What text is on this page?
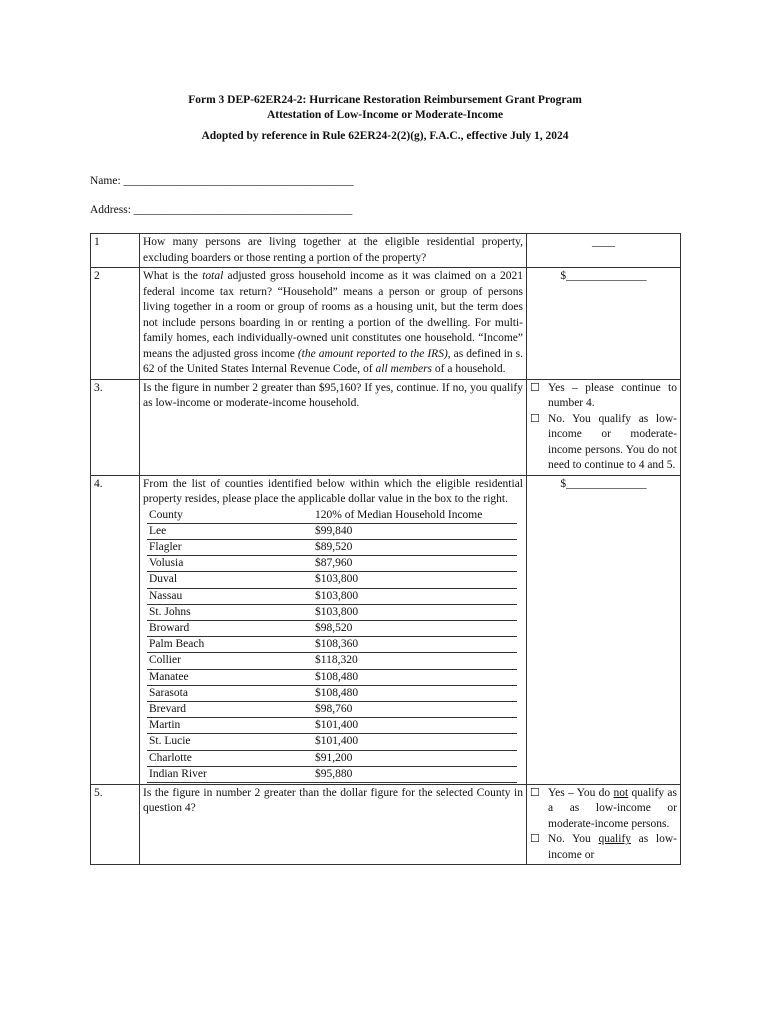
Form 3 DEP-62ER24-2: Hurricane Restoration Reimbursement Grant Program
Attestation of Low-Income or Moderate-Income
Adopted by reference in Rule 62ER24-2(2)(g), F.A.C., effective July 1, 2024
Name: ________________________________________
Address: ______________________________________
1	How many persons are living together at the eligible residential property, excluding boarders or those renting a portion of the property?	____
2	What is the total adjusted gross household income as it was claimed on a 2021 federal income tax return? “Household” means a person or group of persons living together in a room or group of rooms as a housing unit, but the term does not include persons boarding in or renting a portion of the dwelling. For multi-family homes, each individually-owned unit constitutes one household. “Income” means the adjusted gross income (the amount reported to the IRS), as defined in s. 62 of the United States Internal Revenue Code, of all members of a household.	$______________
3.	Is the figure in number 2 greater than $95,160? If yes, continue. If no, you qualify as low-income or moderate-income household.	
☐ Yes – please continue to number 4.
☐ No. You qualify as low-income or moderate-income persons. You do not need to continue to 4 and 5.

4.	From the list of counties identified below within which the eligible residential property resides, please place the applicable dollar value in the box to the right.
County	120% of Median Household Income
Lee	$99,840
Flagler	$89,520
Volusia	$87,960
Duval	$103,800
Nassau	$103,800
St. Johns	$103,800
Broward	$98,520
Palm Beach	$108,360
Collier	$118,320
Manatee	$108,480
Sarasota	$108,480
Brevard	$98,760
Martin	$101,400
St. Lucie	$101,400
Charlotte	$91,200
Indian River	$95,880
	$______________
5.	Is the figure in number 2 greater than the dollar figure for the selected County in question 4?	
☐ Yes – You do not qualify as a as low-income or moderate-income persons.
☐ No. You qualify as low-income or
